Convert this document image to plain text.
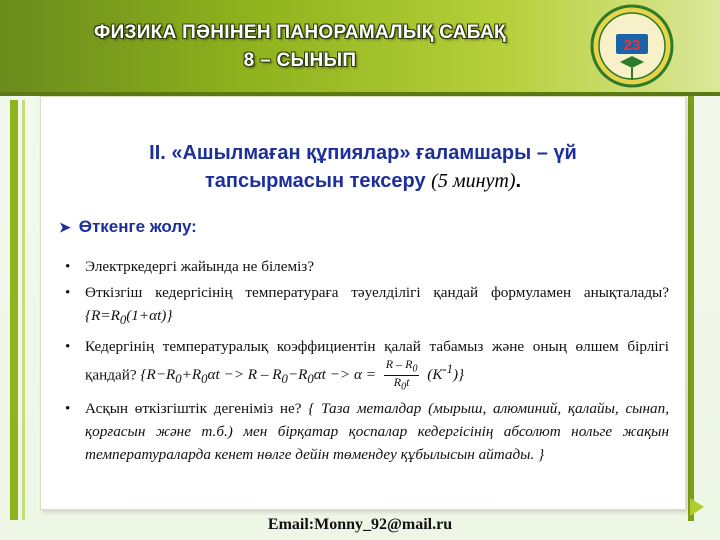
ФИЗИКА ПӘНІНЕН ПАНОРАМАЛЫҚ САБАҚ
8 – СЫНЫП
23
ІІ. «Ашылмаған құпиялар» ғаламшары – үй
тапсырмасын тексеру (5 минут).
➤ Өткенге жолу:
• Электркедергі жайында не білеміз?
• Өткізгіш кедергісінің температураға тәуелділігі қандай формуламен анықталады? $\{R=R_0(1+\alpha t)\}$
• Кедергінің температуралық коэффициентін қалай табамыз және оның өлшем бірлігі қандай? $\{R-R_0+R_0\alpha t -> R - R_0-R_0\alpha t -> \alpha = \frac{R - R_0}{R_0t} (К^{-1})\}$
• Асқын өткізгіштік дегеніміз не? { Таза металдар (мырыш, алюминий, қалайы, сынап, қорғасын және т.б.) мен бірқатар қоспалар кедергісінің абсолют нольге жақын температураларда кенет нөлге дейін төмендеу құбылысын айтады. }
Email:Monny_92@mail.ru
